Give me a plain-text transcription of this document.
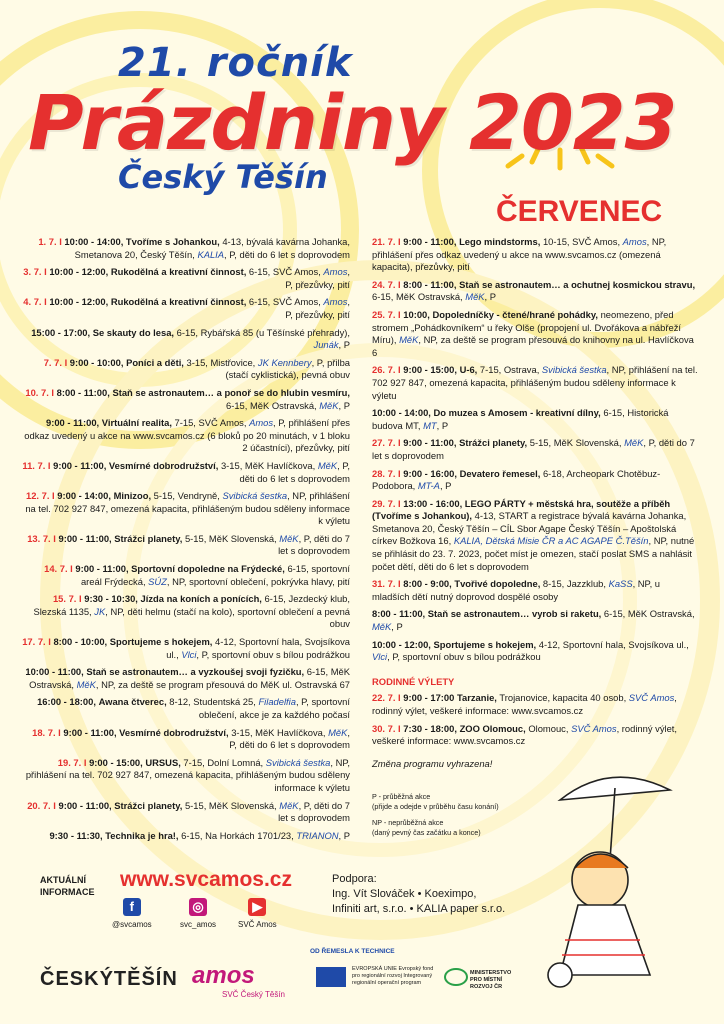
21. ročník
Prázdniny 2023
Český Těšín
ČERVENEC
1. 7. I 10:00 - 14:00, Tvoříme s Johankou, 4-13, bývalá kavárna Johanka, Smetanova 20, Český Těšín, KALIA, P, děti do 6 let s doprovodem
3. 7. I 10:00 - 12:00, Rukodělná a kreativní činnost, 6-15, SVČ Amos, Amos, P, přezůvky, pití
4. 7. I 10:00 - 12:00, Rukodělná a kreativní činnost, 6-15, SVČ Amos, Amos, P, přezůvky, pití
15:00 - 17:00, Se skauty do lesa, 6-15, Rybářská 85 (u Těšínské přehrady), Junák, P
7. 7. I 9:00 - 10:00, Poníci a děti, 3-15, Mistřovice, JK Kennbery, P, přilba (stačí cyklistická), pevná obuv
10. 7. I 8:00 - 11:00, Staň se astronautem… a ponoř se do hlubin vesmíru, 6-15, MěK Ostravská, MěK, P
9:00 - 11:00, Virtuální realita, 7-15, SVČ Amos, Amos, P, přihlášení přes odkaz uvedený u akce na www.svcamos.cz (6 bloků po 20 minutách, v 1 bloku 2 účastníci), přezůvky, pití
11. 7. I 9:00 - 11:00, Vesmírné dobrodružství, 3-15, MěK Havlíčkova, MěK, P, děti do 6 let s doprovodem
12. 7. I 9:00 - 14:00, Minizoo, 5-15, Vendryně, Svibická šestka, NP, přihlášení na tel. 702 927 847, omezená kapacita, přihlášeným budou sděleny informace k výletu
13. 7. I 9:00 - 11:00, Strážci planety, 5-15, MěK Slovenská, MěK, P, děti do 7 let s doprovodem
14. 7. I 9:00 - 11:00, Sportovní dopoledne na Frýdecké, 6-15, sportovní areál Frýdecká, SÚZ, NP, sportovní oblečení, pokrývka hlavy, pití
15. 7. I 9:30 - 10:30, Jízda na koních a ponících, 6-15, Jezdecký klub, Slezská 1135, JK, NP, děti helmu (stačí na kolo), sportovní oblečení a pevná obuv
17. 7. I 8:00 - 10:00, Sportujeme s hokejem, 4-12, Sportovní hala, Svojsíkova ul., Vlci, P, sportovní obuv s bílou podrážkou
10:00 - 11:00, Staň se astronautem… a vyzkoušej svoji fyzičku, 6-15, MěK Ostravská, MěK, NP, za deště se program přesouvá do MěK ul. Ostravská 67
16:00 - 18:00, Awana čtverec, 8-12, Studentská 25, Filadelfia, P, sportovní oblečení, akce je za každého počasí
18. 7. I 9:00 - 11:00, Vesmírné dobrodružství, 3-15, MěK Havlíčkova, MěK, P, děti do 6 let s doprovodem
19. 7. I 9:00 - 15:00, URSUS, 7-15, Dolní Lomná, Svibická šestka, NP, přihlášení na tel. 702 927 847, omezená kapacita, přihlášeným budou sděleny informace k výletu
20. 7. I 9:00 - 11:00, Strážci planety, 5-15, MěK Slovenská, MěK, P, děti do 7 let s doprovodem
9:30 - 11:30, Technika je hra!, 6-15, Na Horkách 1701/23, TRIANON, P
21. 7. I 9:00 - 11:00, Lego mindstorms, 10-15, SVČ Amos, Amos, NP, přihlášení přes odkaz uvedený u akce na www.svcamos.cz (omezená kapacita), přezůvky, pití
24. 7. I 8:00 - 11:00, Staň se astronautem… a ochutnej kosmickou stravu, 6-15, MěK Ostravská, MěK, P
25. 7. I 10:00, Dopoledníčky - čtené/hrané pohádky, neomezeno, před stromem „Pohádkovníkem“ u řeky Olše (propojení ul. Dvořákova a nábřeží Míru), MěK, NP, za deště se program přesouvá do knihovny na ul. Havlíčkova 6
26. 7. I 9:00 - 15:00, U-6, 7-15, Ostrava, Svibická šestka, NP, přihlášení na tel. 702 927 847, omezená kapacita, přihlášeným budou sděleny informace k výletu
10:00 - 14:00, Do muzea s Amosem - kreativní dílny, 6-15, Historická budova MT, MT, P
27. 7. I 9:00 - 11:00, Strážci planety, 5-15, MěK Slovenská, MěK, P, děti do 7 let s doprovodem
28. 7. I 9:00 - 16:00, Devatero řemesel, 6-18, Archeopark Chotěbuz-Podobora, MT-A, P
29. 7. I 13:00 - 16:00, LEGO PÁRTY + městská hra, soutěže a příběh (Tvoříme s Johankou), 4-13, START a registrace bývalá kavárna Johanka, Smetanova 20, Český Těšín – CÍL Sbor Agape Český Těšín – Apoštolská církev Božkova 16, KALIA, Dětská Misie ČR a AC AGAPE Č.Těšín, NP, nutné se přihlásit do 23. 7. 2023, počet míst je omezen, stačí poslat SMS a nahlásit počet dětí, děti do 6 let s doprovodem
31. 7. I 8:00 - 9:00, Tvořivé dopoledne, 8-15, Jazzklub, KaSS, NP, u mladších dětí nutný doprovod dospělé osoby
8:00 - 11:00, Staň se astronautem… vyrob si raketu, 6-15, MěK Ostravská, MěK, P
10:00 - 12:00, Sportujeme s hokejem, 4-12, Sportovní hala, Svojsíkova ul., Vlci, P, sportovní obuv s bílou podrážkou
RODINNÉ VÝLETY
22. 7. I 9:00 - 17:00 Tarzanie, Trojanovice, kapacita 40 osob, SVČ Amos, rodinný výlet, veškeré informace: www.svcamos.cz
30. 7. I 7:30 - 18:00, ZOO Olomouc, Olomouc, SVČ Amos, rodinný výlet, veškeré informace: www.svcamos.cz
Změna programu vyhrazena!
P - průběžná akce
(přijde a odejde v průběhu času konání)
NP - neprůběžná akce
(daný pevný čas začátku a konce)
AKTUÁLNÍ
INFORMACE
www.svcamos.cz
f
@svcamos
◎
svc_amos
▶
SVČ Amos
Podpora:
Ing. Vít Slováček • Koeximpo,
Infiniti art, s.r.o. • KALIA paper s.r.o.
ČESKÝTĚŠÍN amos
SVČ Český Těšín
OD ŘEMESLA K TECHNICE
EVROPSKÁ UNIE Evropský fond pro regionální rozvoj Integrovaný regionální operační program
MINISTERSTVO PRO MÍSTNÍ ROZVOJ ČR
